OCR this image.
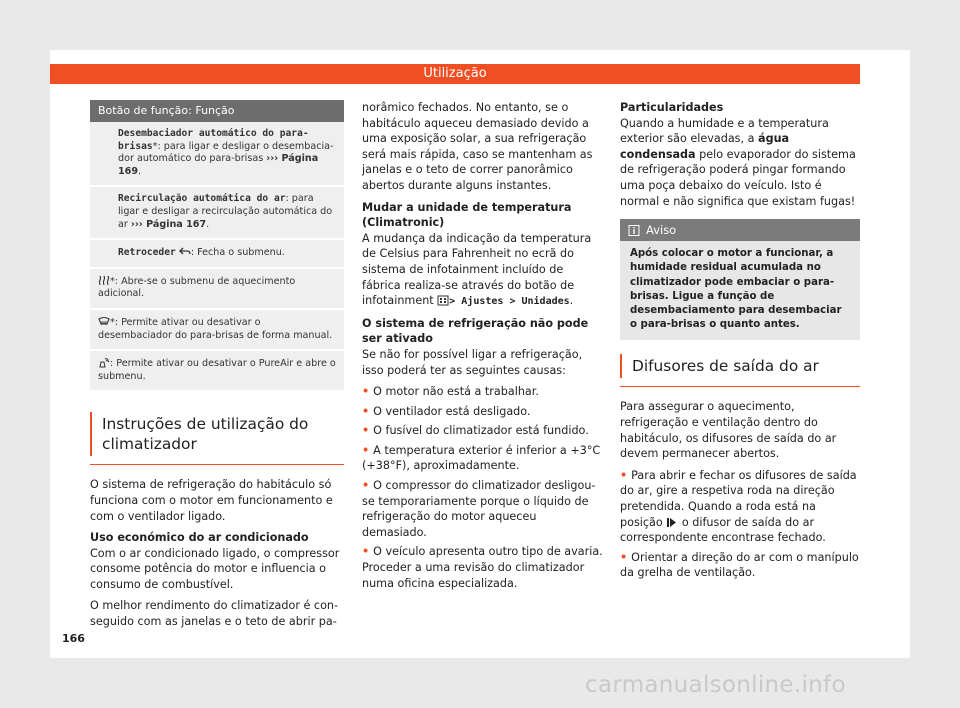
Utilização
Botão de função: Função
Desembaciador automático do para-brisas*: para ligar e desligar o desembaciador automático do para-brisas ››› Página 169.
Recirculação automática do ar: para ligar e desligar a recirculação automática do ar ››› Página 167.
Retroceder : Fecha o submenu.
*: Abre-se o submenu de aquecimento adicional.
*: Permite ativar ou desativar o desembaciador do para-brisas de forma manual.
: Permite ativar ou desativar o PureAir e abre o submenu.
Instruções de utilização do climatizador

O sistema de refrigeração do habitáculo só funciona com o motor em funcionamento e com o ventilador ligado.

Uso económico do ar condicionado

Com o ar condicionado ligado, o compressor consome potência do motor e influencia o consumo de combustível.

O melhor rendimento do climatizador é conseguido com as janelas e o teto de abrir pa-

norâmico fechados. No entanto, se o habitáculo aqueceu demasiado devido a uma exposição solar, a sua refrigeração será mais rápida, caso se mantenham as janelas e o teto de correr panorâmico abertos durante alguns instantes.

Mudar a unidade de temperatura (Climatronic)

A mudança da indicação da temperatura de Celsius para Fahrenheit no ecrã do sistema de infotainment incluído de fábrica realiza-se através do botão de infotainment > Ajustes > Unidades.

O sistema de refrigeração não pode ser ativado

Se não for possível ligar a refrigeração, isso poderá ter as seguintes causas:

• O motor não está a trabalhar.
• O ventilador está desligado.
• O fusível do climatizador está fundido.
• A temperatura exterior é inferior a +3°C (+38°F), aproximadamente.
• O compressor do climatizador desligou-se temporariamente porque o líquido de refrigeração do motor aqueceu demasiado.
• O veículo apresenta outro tipo de avaria. Proceder a uma revisão do climatizador numa oficina especializada.

Particularidades

Quando a humidade e a temperatura exterior são elevadas, a água condensada pelo evaporador do sistema de refrigeração poderá pingar formando uma poça debaixo do veículo. Isto é normal e não significa que existam fugas!

Aviso
Após colocar o motor a funcionar, a humidade residual acumulada no climatizador pode embaciar o para-brisas. Ligue a função de desembaciamento para desembaciar o para-brisas o quanto antes.
Difusores de saída do ar

Para assegurar o aquecimento, refrigeração e ventilação dentro do habitáculo, os difusores de saída do ar devem permanecer abertos.

• Para abrir e fechar os difusores de saída do ar, gire a respetiva roda na direção pretendida. Quando a roda está na posição  o difusor de saída do ar correspondente encontrase fechado.
• Orientar a direção do ar com o manípulo da grelha de ventilação.
166
carmanualsonline.info
